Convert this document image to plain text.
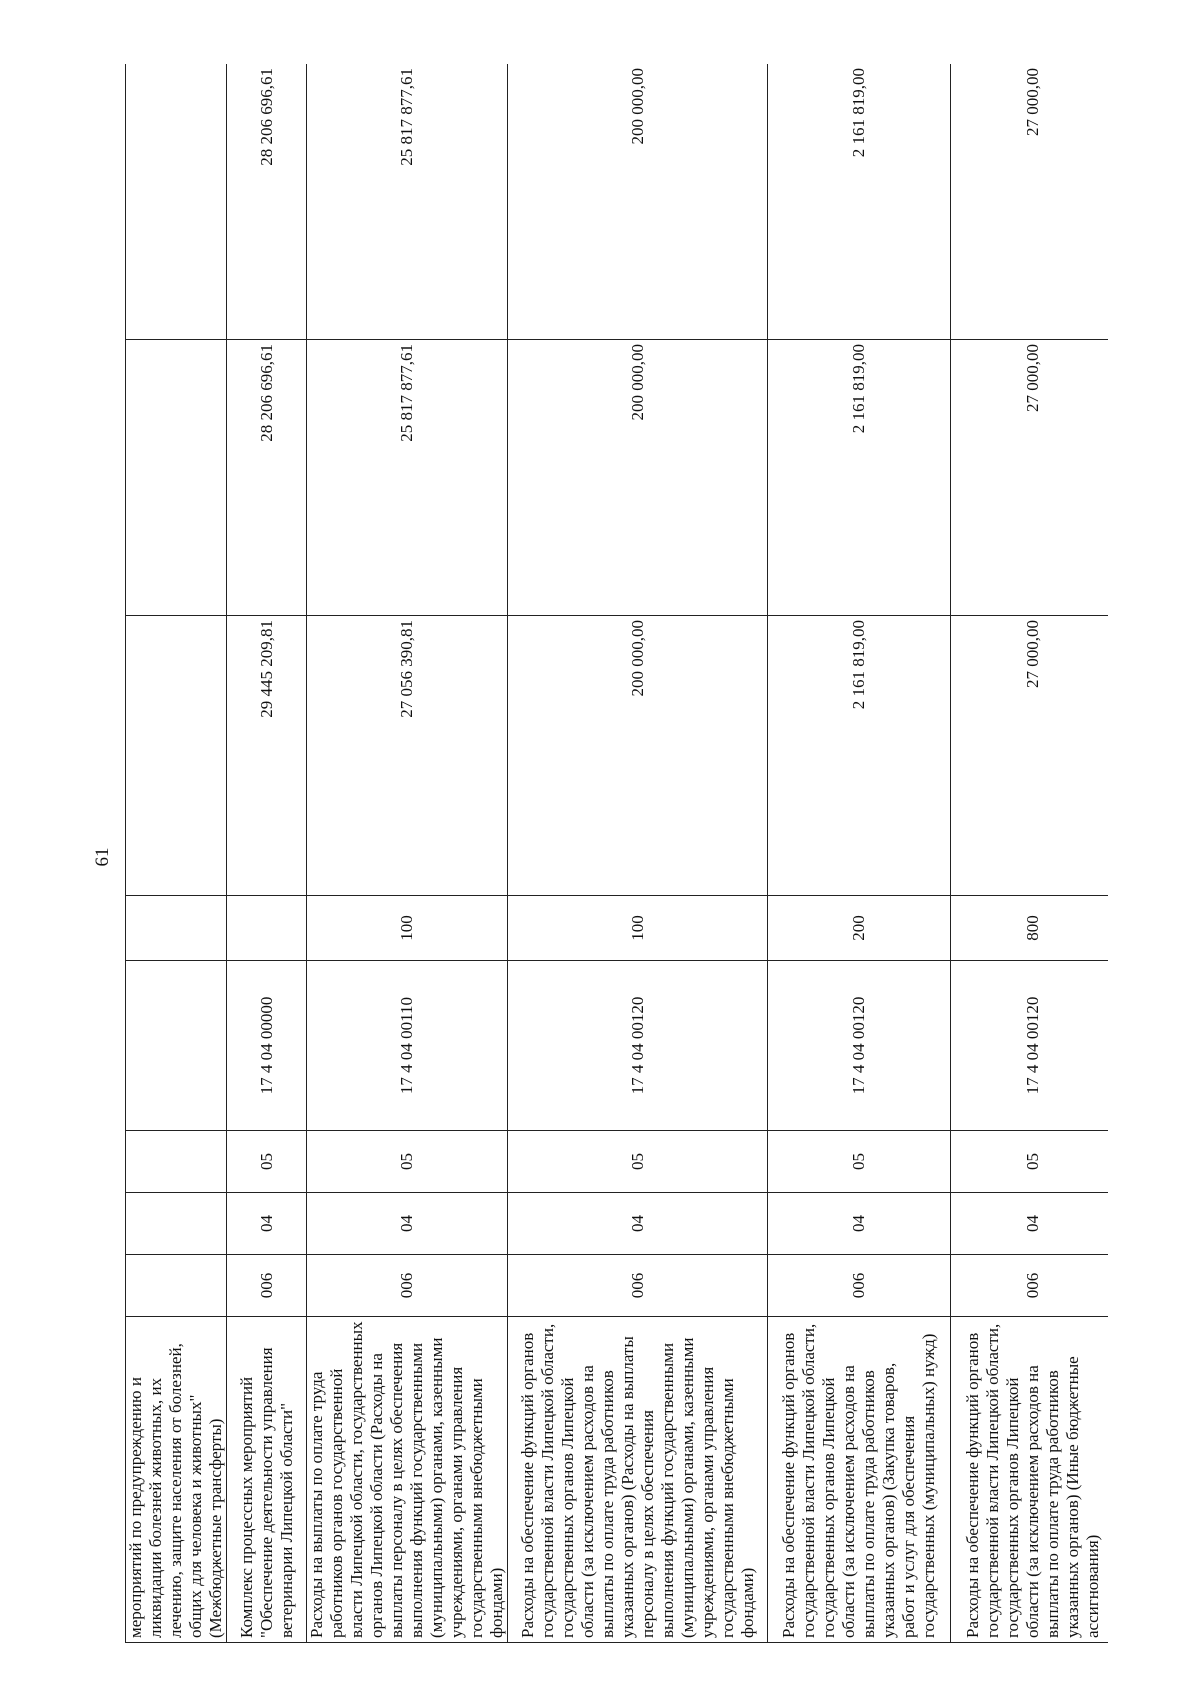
61
мероприятий по предупреждению и ликвидации болезней животных, их лечению, защите населения от болезней, общих для человека и животных" (Межбюджетные трансферты)								
Комплекс процессных мероприятий "Обеспечение деятельности управления ветеринарии Липецкой области"	006	04	05	17 4 04 00000		29 445 209,81	28 206 696,61	28 206 696,61
Расходы на выплаты по оплате труда работников органов государственной власти Липецкой области, государственных органов Липецкой области (Расходы на выплаты персоналу в целях обеспечения выполнения функций государственными (муниципальными) органами, казенными учреждениями, органами управления государственными внебюджетными фондами)	006	04	05	17 4 04 00110	100	27 056 390,81	25 817 877,61	25 817 877,61
Расходы на обеспечение функций органов государственной власти Липецкой области, государственных органов Липецкой области (за исключением расходов на выплаты по оплате труда работников указанных органов) (Расходы на выплаты персоналу в целях обеспечения выполнения функций государственными (муниципальными) органами, казенными учреждениями, органами управления государственными внебюджетными фондами)	006	04	05	17 4 04 00120	100	200 000,00	200 000,00	200 000,00
Расходы на обеспечение функций органов государственной власти Липецкой области, государственных органов Липецкой области (за исключением расходов на выплаты по оплате труда работников указанных органов) (Закупка товаров, работ и услуг для обеспечения государственных (муниципальных) нужд)	006	04	05	17 4 04 00120	200	2 161 819,00	2 161 819,00	2 161 819,00
Расходы на обеспечение функций органов государственной власти Липецкой области, государственных органов Липецкой области (за исключением расходов на выплаты по оплате труда работников указанных органов) (Иные бюджетные ассигнования)	006	04	05	17 4 04 00120	800	27 000,00	27 000,00	27 000,00
